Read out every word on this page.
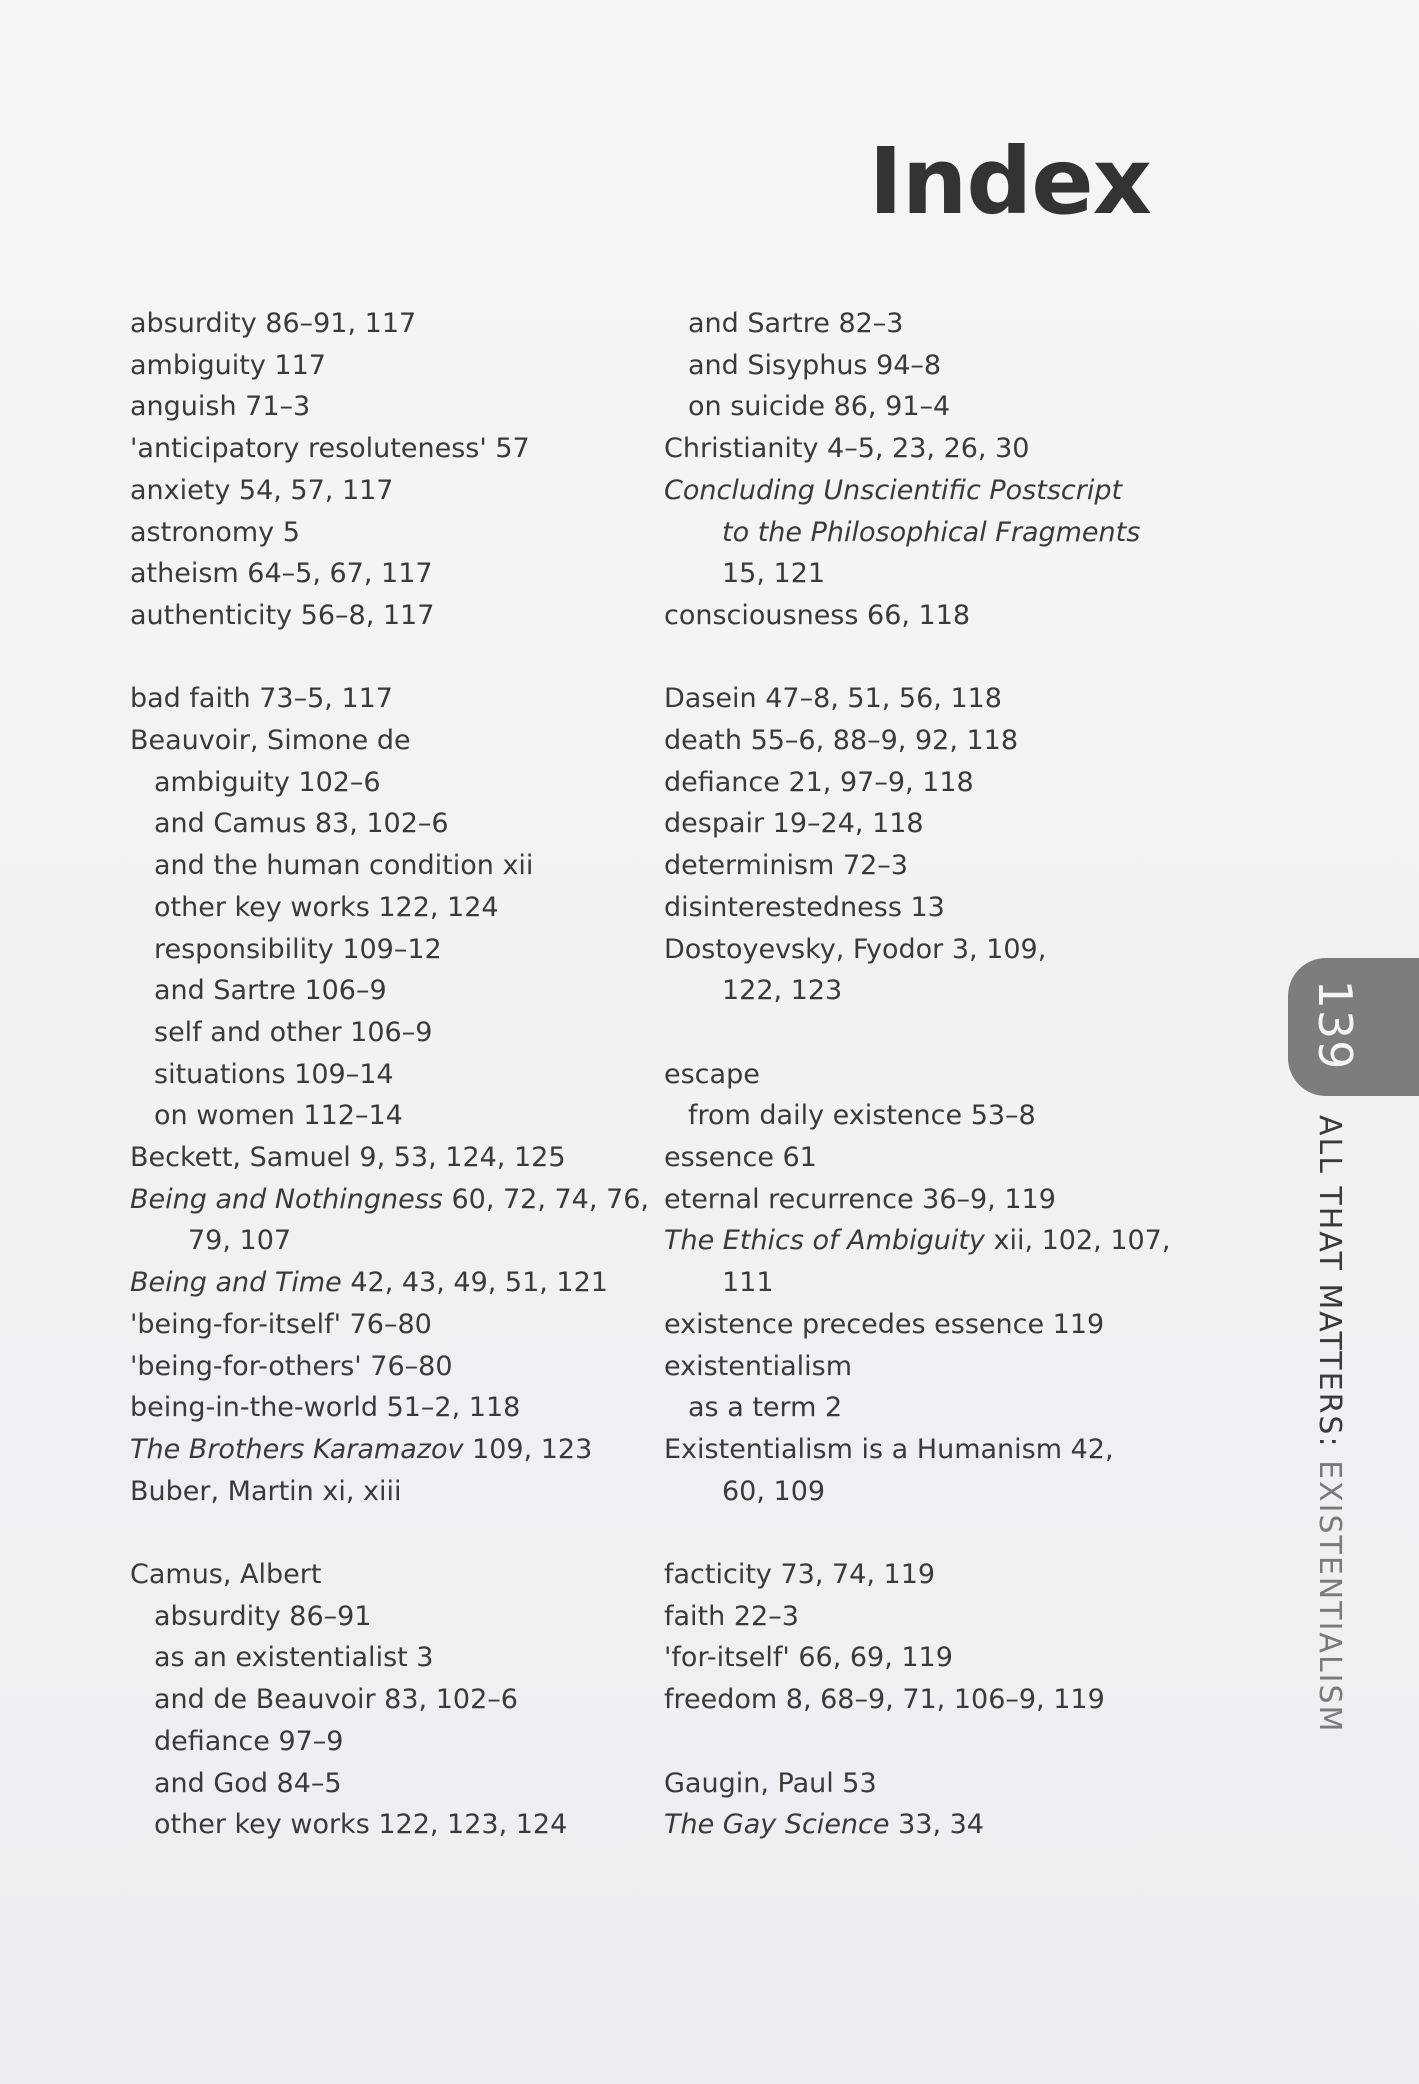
Index
absurdity 86–91, 117
ambiguity 117
anguish 71–3
'anticipatory resoluteness' 57
anxiety 54, 57, 117
astronomy 5
atheism 64–5, 67, 117
authenticity 56–8, 117
bad faith 73–5, 117
Beauvoir, Simone de
ambiguity 102–6
and Camus 83, 102–6
and the human condition xii
other key works 122, 124
responsibility 109–12
and Sartre 106–9
self and other 106–9
situations 109–14
on women 112–14
Beckett, Samuel 9, 53, 124, 125
Being and Nothingness 60, 72, 74, 76,
79, 107
Being and Time 42, 43, 49, 51, 121
'being-for-itself' 76–80
'being-for-others' 76–80
being-in-the-world 51–2, 118
The Brothers Karamazov 109, 123
Buber, Martin xi, xiii
Camus, Albert
absurdity 86–91
as an existentialist 3
and de Beauvoir 83, 102–6
defiance 97–9
and God 84–5
other key works 122, 123, 124
and Sartre 82–3
and Sisyphus 94–8
on suicide 86, 91–4
Christianity 4–5, 23, 26, 30
Concluding Unscientific Postscript
to the Philosophical Fragments
15, 121
consciousness 66, 118
Dasein 47–8, 51, 56, 118
death 55–6, 88–9, 92, 118
defiance 21, 97–9, 118
despair 19–24, 118
determinism 72–3
disinterestedness 13
Dostoyevsky, Fyodor 3, 109,
122, 123
escape
from daily existence 53–8
essence 61
eternal recurrence 36–9, 119
The Ethics of Ambiguity xii, 102, 107,
111
existence precedes essence 119
existentialism
as a term 2
Existentialism is a Humanism 42,
60, 109
facticity 73, 74, 119
faith 22–3
'for-itself' 66, 69, 119
freedom 8, 68–9, 71, 106–9, 119
Gaugin, Paul 53
The Gay Science 33, 34
139
ALL THAT MATTERS: EXISTENTIALISM
